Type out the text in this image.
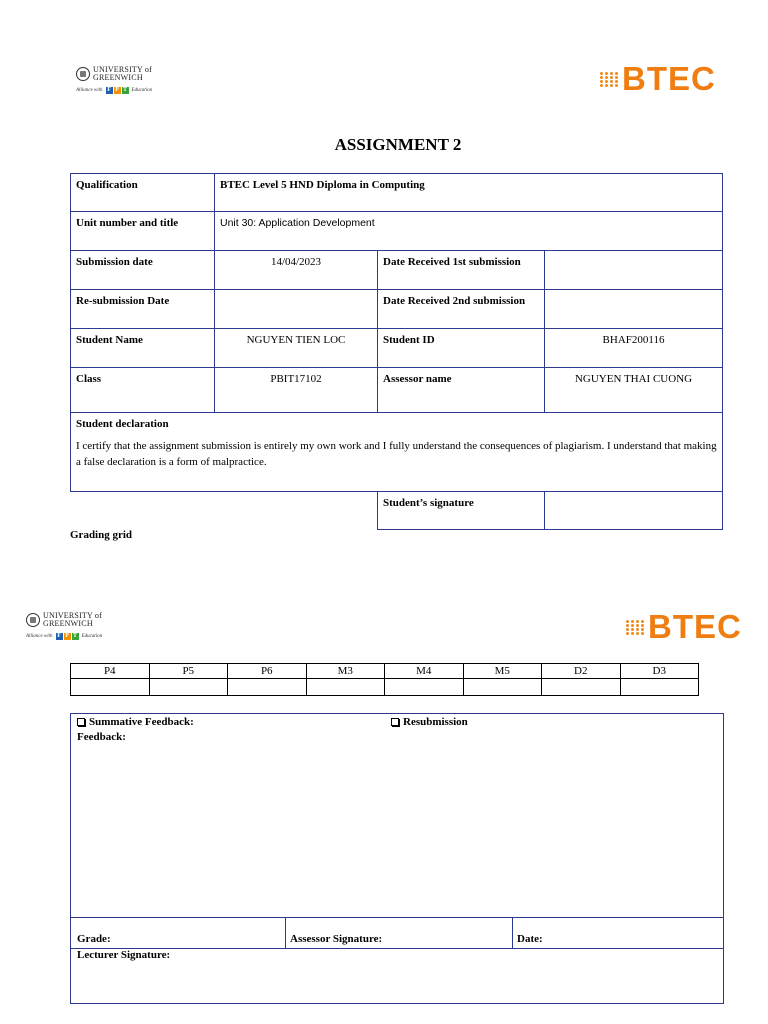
UNIVERSITY of
GREENWICH
Alliance with F P T Education	BTEC
ASSIGNMENT 2
Qualification	BTEC Level 5 HND Diploma in Computing		
Unit number and title	Unit 30: Application Development		
Submission date	14/04/2023	Date Received 1st submission	
Re-submission Date		Date Received 2nd submission	
Student Name	NGUYEN TIEN LOC	Student ID	BHAF200116
Class	PBIT17102	Assessor name	NGUYEN THAI CUONG

Student declaration
I certify that the assignment submission is entirely my own work and I fully understand the consequences of plagiarism. I understand that making a false declaration is a form of malpractice.			

		Student’s signature	
Grading grid
UNIVERSITY of
GREENWICH
Alliance with F P T Education	BTEC
P4	P5	P6	M3	M4	M5	D2	D3

Summative Feedback:	Resubmission
Feedback:
Grade:	Assessor Signature:	Date:
Lecturer Signature:
